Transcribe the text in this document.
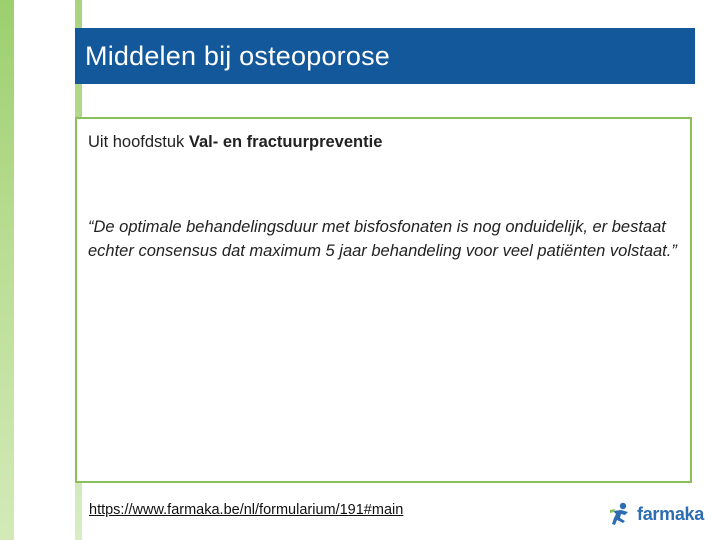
Middelen bij osteoporose
Uit hoofdstuk Val- en fractuurpreventie
“De optimale behandelingsduur met bisfosfonaten is nog onduidelijk, er bestaat echter consensus dat maximum 5 jaar behandeling voor veel patiënten volstaat.”
https://www.farmaka.be/nl/formularium/191#main	farmaka
